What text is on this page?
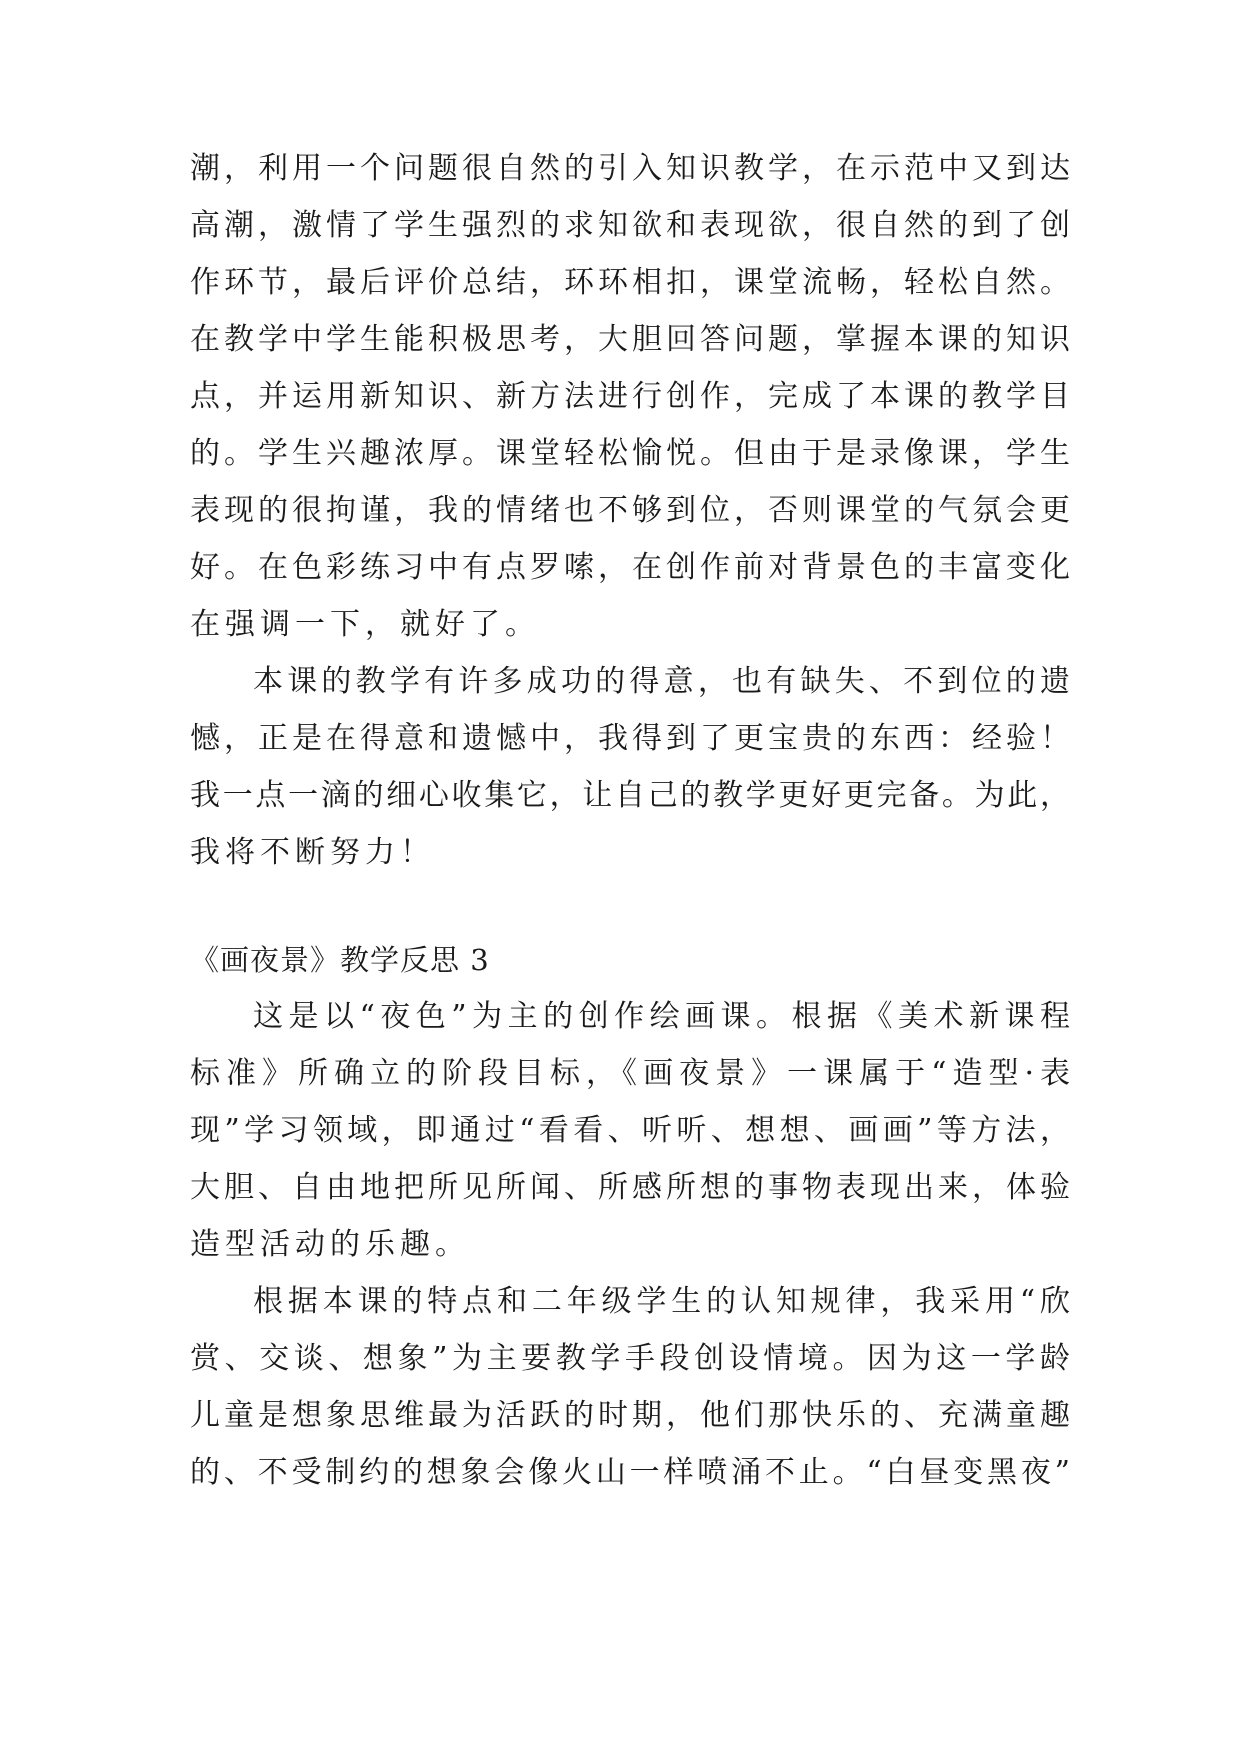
潮，利用一个问题很自然的引入知识教学，在示范中又到达
高潮，激情了学生强烈的求知欲和表现欲，很自然的到了创
作环节，最后评价总结，环环相扣，课堂流畅，轻松自然。
在教学中学生能积极思考，大胆回答问题，掌握本课的知识
点，并运用新知识、新方法进行创作，完成了本课的教学目
的。学生兴趣浓厚。课堂轻松愉悦。但由于是录像课，学生
表现的很拘谨，我的情绪也不够到位，否则课堂的气氛会更
好。在色彩练习中有点罗嗦，在创作前对背景色的丰富变化
在强调一下，就好了。
本课的教学有许多成功的得意，也有缺失、不到位的遗
憾，正是在得意和遗憾中，我得到了更宝贵的东西：经验！
我一点一滴的细心收集它，让自己的教学更好更完备。为此，
我将不断努力！
《画夜景》教学反思 3
这是以“夜色”为主的创作绘画课。根据《美术新课程
标准》所确立的阶段目标，《画夜景》一课属于“造型·表
现”学习领域，即通过“看看、听听、想想、画画”等方法，
大胆、自由地把所见所闻、所感所想的事物表现出来，体验
造型活动的乐趣。
根据本课的特点和二年级学生的认知规律，我采用“欣
赏、交谈、想象”为主要教学手段创设情境。因为这一学龄
儿童是想象思维最为活跃的时期，他们那快乐的、充满童趣
的、不受制约的想象会像火山一样喷涌不止。“白昼变黑夜”
